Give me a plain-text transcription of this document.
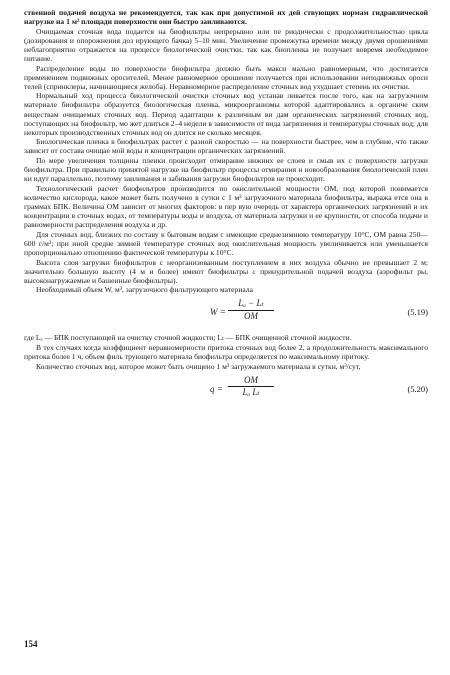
ственной подачей воздуха не рекомендуется, так как при допустимой их дей ствующих нормам гидравлической нагрузке на 1 м² площади поверхности они быстро заиливаются.

Очищаемая сточная вода подается на биофильтры непрерывно или пе риодически с продолжительностью цикла (дозирования и опорожнения доз ирующего бачка) 5–10 мин. Увеличение промежутка времени между двумя орошениями неблагоприятно отражается на процессе биологической очистки, так как биопленка не получает вовремя необходимое питание.

Распределение воды по поверхности биофильтра должно быть макси мально равномерным, что достигается применением подвижных оросителей. Менее равномерное орошение получается при использовании неподвижных ороси телей (спринклеры, начинающиеся желоба). Неравномерное распределение сточных вод ухудшает степень их очистки.

Нормальный ход процесса биологической очистки сточных вод устанав ливается после того, как на загрузочном материале биофильтра образуется биологическая пленка, микроорганизмы которой адаптировались к органиче ским веществам очищаемых сточных вод. Период адаптации к различным ви дам органических загрязнений сточных вод, поступающих на биофильтр, мо жет длиться 2–4 недели в зависимости от вида загрязнения и температуры сточных вод; для некоторых производственных сточных вод он длится не сколько месяцев.

Биологическая пленка в биофильтрах растет с разной скоростью — на поверхности быстрее, чем в глубине, что также зависит от состава очищае мой воды и концентрации органических загрязнений.

По мере увеличения толщины пленки происходит отмирание нижних ее слоев и смыв их с поверхности загрузки биофильтра. При правильно принятой нагрузке на биофильтр процессы отмирания и новообразования биологической плен ки идут параллельно, поэтому заиливания и забивания загрузки биофильтров не происходит.

Технологический расчет биофильтров производится по окислительной мощности ОМ, под которой понимается количество кислорода, какое может быть получено в сутки с 1 м³ загрузочного материала биофильтра, выража ется она в граммах БПК. Величина ОМ зависит от многих факторов: в пер вую очередь от характера органических загрязнений и их концентрации в сточных водах, от температуры воды и воздуха, от материала загрузки и ее крупности, от способа подачи и равномерности распределения воздуха и др.

Для сточных вод, близких по составу к бытовым водам с имеющие среднезимнюю температуру 10°С, ОМ равна 250—600 г/м³; при иной средне зимней температуре сточных вод окислительная мощность увеличивается или уменьшается пропорционально отношению фактической температуры к 10°С.

Высота слоя загрузки биофильтров с неорганизованным поступлением в них воздуха обычно не превышает 2 м; значительно большую высоту (4 м и более) имеют биофильтры с принудительной подачей воздуха (аэрофильт ры, высоконагружаемые и башенные биофильтры).

Необходимый объем W, м³, загрузочного фильтрующего материала

$W = \frac{\text{Lₐ − Lₜ}}{OM}$	(5.19)

где Lₐ — БПК поступающей на очистку сточной жидкости; Lₜ — БПК очищенной сточной жидкости.

В тех случаях когда коэффициент неравномерности притока сточных вод более 2, а продолжительность максимального притока более 1 ч, объем филь трующего материала биофильтра определяется по максимальному притоку.

Количество сточных вод, которое может быть очищено 1 м³ загружаемого материала в сутки, м³/сут,

$q = \frac{OM}{\text{Lₐ Lₜ}}$	(5.20)
154
